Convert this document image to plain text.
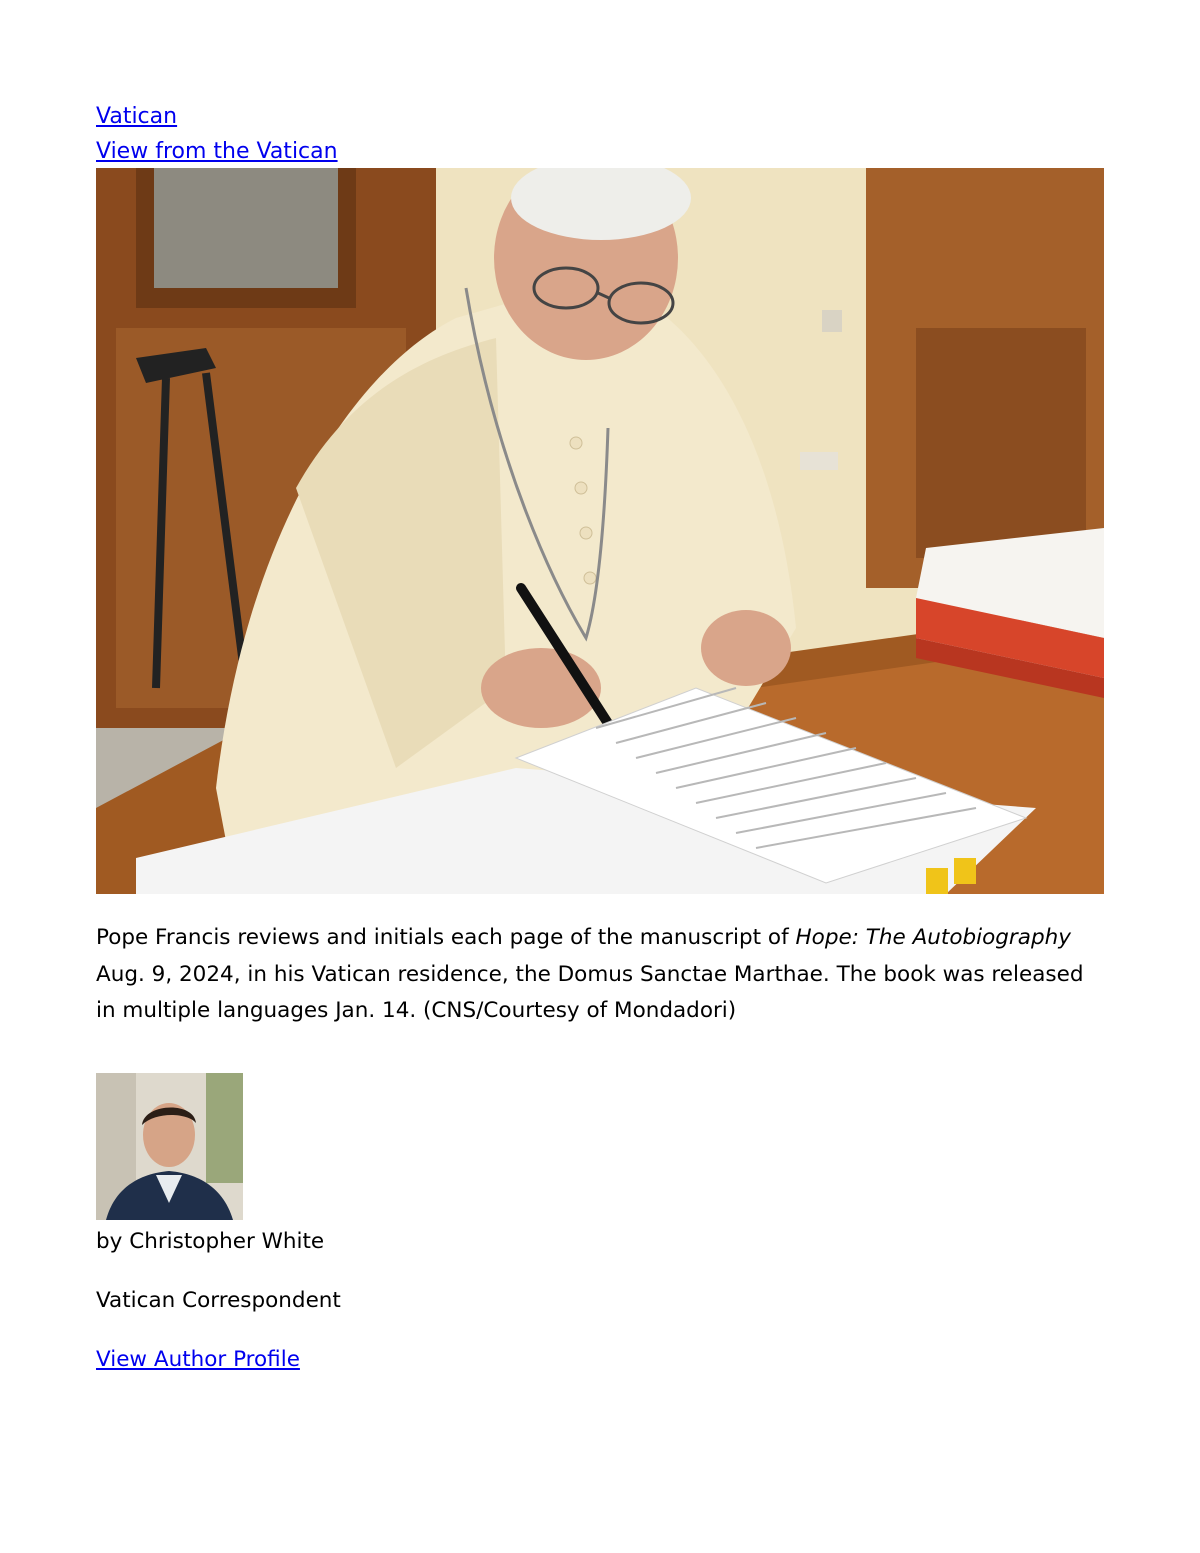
Vatican
View from the Vatican

Pope Francis reviews and initials each page of the manuscript of Hope: The Autobiography Aug. 9, 2024, in his Vatican residence, the Domus Sanctae Marthae. The book was released in multiple languages Jan. 14. (CNS/Courtesy of Mondadori)

by Christopher White
Vatican Correspondent
View Author Profile
